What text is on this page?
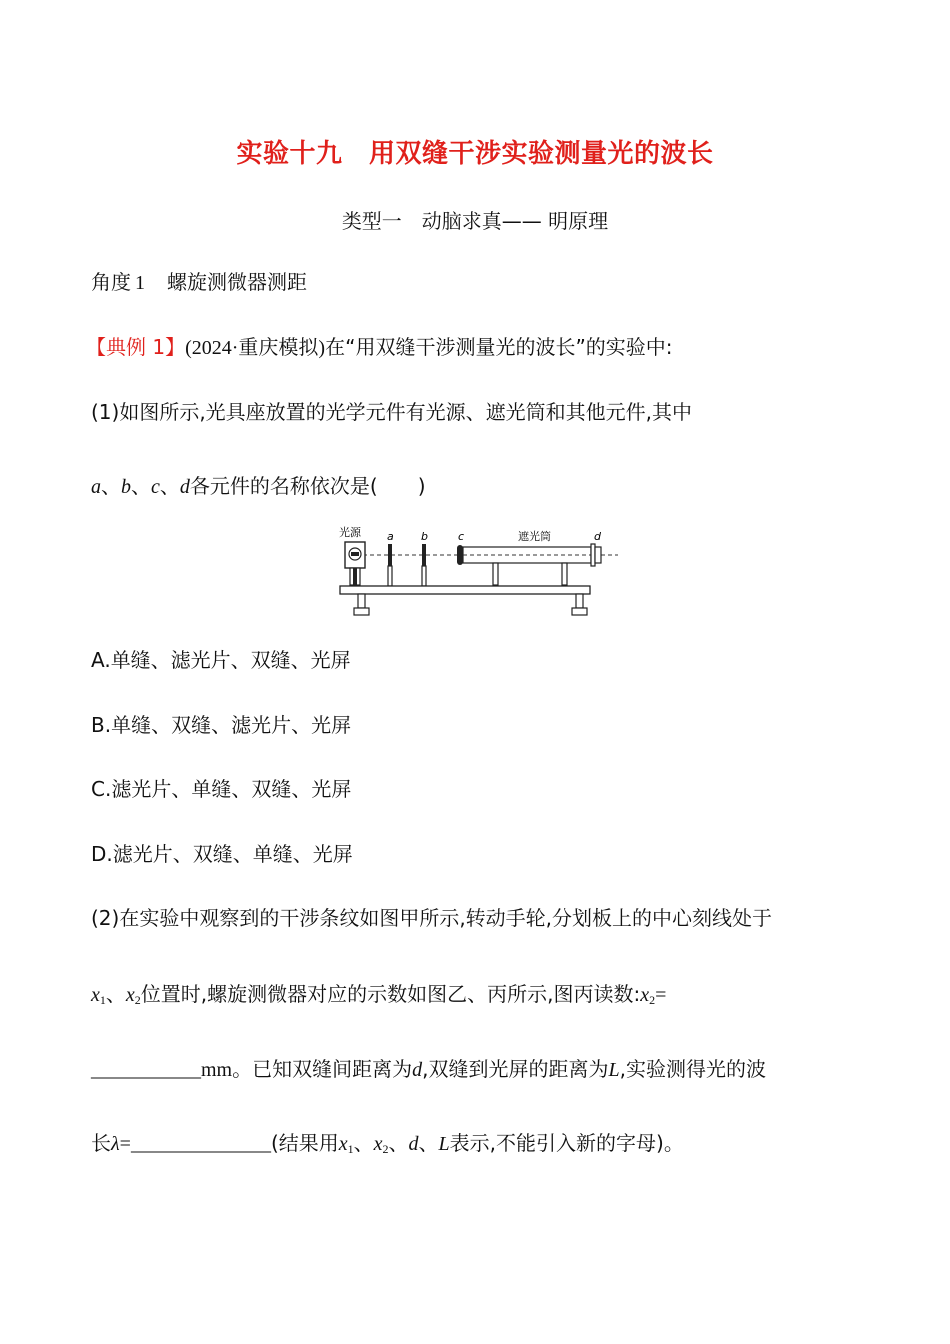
实验十九　用双缝干涉实验测量光的波长
类型一　动脑求真—— 明原理
角度 1 螺旋测微器测距
【典例 1】(2024·重庆模拟)在“用双缝干涉测量光的波长”的实验中:
(1)如图所示,光具座放置的光学元件有光源、遮光筒和其他元件,其中
a、b、c、d各元件的名称依次是(　　)
光源	遮光筒
a b	c	d
A.单缝、滤光片、双缝、光屏
B.单缝、双缝、滤光片、光屏
C.滤光片、单缝、双缝、光屏
D.滤光片、双缝、单缝、光屏
(2)在实验中观察到的干涉条纹如图甲所示,转动手轮,分划板上的中心刻线处于
$x_1$、$x_2$位置时,螺旋测微器对应的示数如图乙、丙所示,图丙读数$:x_2=$
___________mm。已知双缝间距离为d,双缝到光屏的距离为L,实验测得光的波
长λ=______________(结果用$x_1$、$x_2$、d、L表示,不能引入新的字母)。
